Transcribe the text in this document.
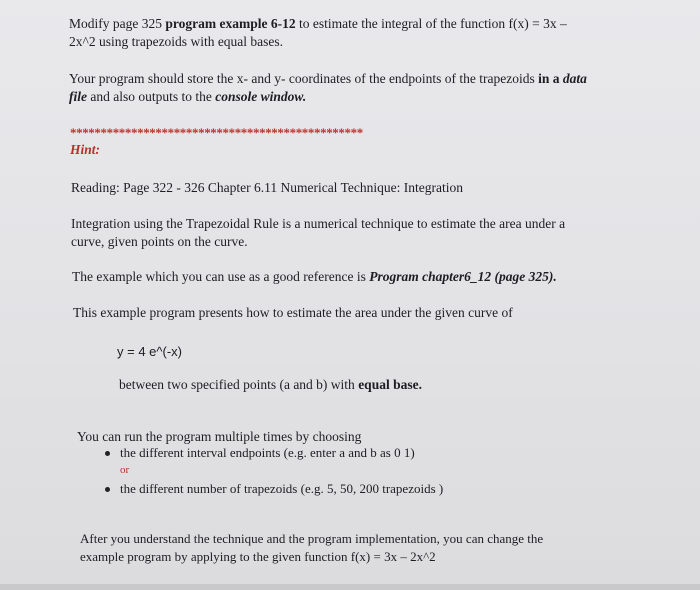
Modify page 325 program example 6-12 to estimate the integral of the function f(x) = 3x –
2x^2 using trapezoids with equal bases.
Your program should store the x- and y- coordinates of the endpoints of the trapezoids in a data
file and also outputs to the console window.
************************************************
Hint:
Reading: Page 322 - 326 Chapter 6.11 Numerical Technique: Integration
Integration using the Trapezoidal Rule is a numerical technique to estimate the area under a
curve, given points on the curve.
The example which you can use as a good reference is Program chapter6_12 (page 325).
This example program presents how to estimate the area under the given curve of
y = 4 e^(-x)
between two specified points (a and b) with equal base.
You can run the program multiple times by choosing
the different interval endpoints (e.g. enter a and b as 0 1)
or
the different number of trapezoids (e.g. 5, 50, 200 trapezoids )
After you understand the technique and the program implementation, you can change the
example program by applying to the given function f(x) = 3x – 2x^2
